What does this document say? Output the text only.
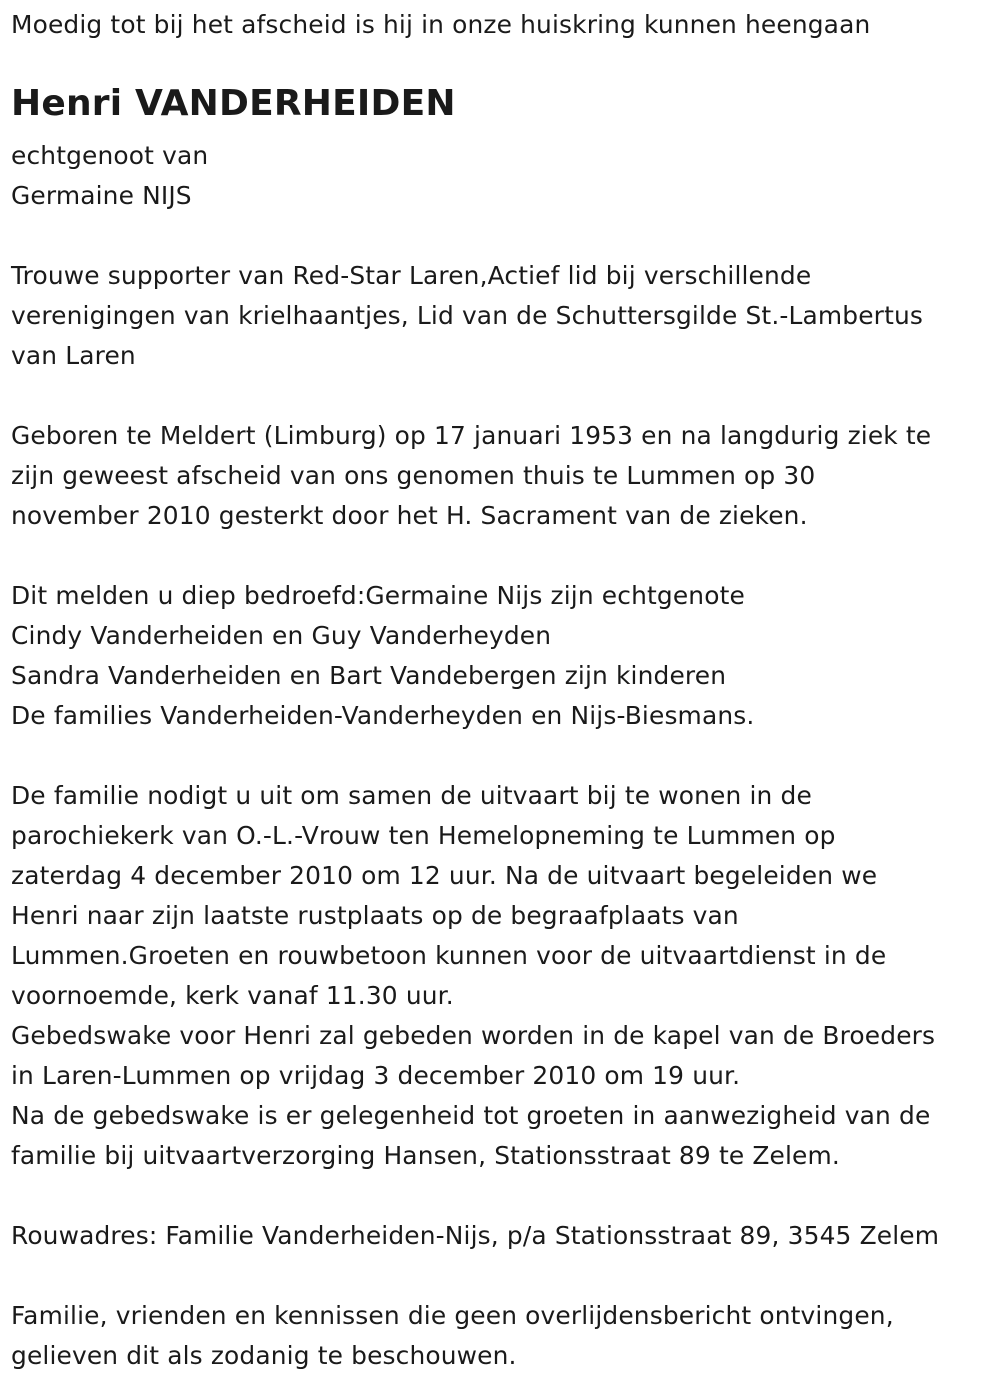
Moedig tot bij het afscheid is hij in onze huiskring kunnen heengaan
Henri VANDERHEIDEN
echtgenoot van
Germaine NIJS
Trouwe supporter van Red-Star Laren,Actief lid bij verschillende
verenigingen van krielhaantjes, Lid van de Schuttersgilde St.-Lambertus
van Laren
Geboren te Meldert (Limburg) op 17 januari 1953 en na langdurig ziek te
zijn geweest afscheid van ons genomen thuis te Lummen op 30
november 2010 gesterkt door het H. Sacrament van de zieken.
Dit melden u diep bedroefd:Germaine Nijs zijn echtgenote
Cindy Vanderheiden en Guy Vanderheyden
Sandra Vanderheiden en Bart Vandebergen zijn kinderen
De families Vanderheiden-Vanderheyden en Nijs-Biesmans.
De familie nodigt u uit om samen de uitvaart bij te wonen in de
parochiekerk van O.-L.-Vrouw ten Hemelopneming te Lummen op
zaterdag 4 december 2010 om 12 uur. Na de uitvaart begeleiden we
Henri naar zijn laatste rustplaats op de begraafplaats van
Lummen.Groeten en rouwbetoon kunnen voor de uitvaartdienst in de
voornoemde, kerk vanaf 11.30 uur.
Gebedswake voor Henri zal gebeden worden in de kapel van de Broeders
in Laren-Lummen op vrijdag 3 december 2010 om 19 uur.
Na de gebedswake is er gelegenheid tot groeten in aanwezigheid van de
familie bij uitvaartverzorging Hansen, Stationsstraat 89 te Zelem.
Rouwadres: Familie Vanderheiden-Nijs, p/a Stationsstraat 89, 3545 Zelem
Familie, vrienden en kennissen die geen overlijdensbericht ontvingen,
gelieven dit als zodanig te beschouwen.
